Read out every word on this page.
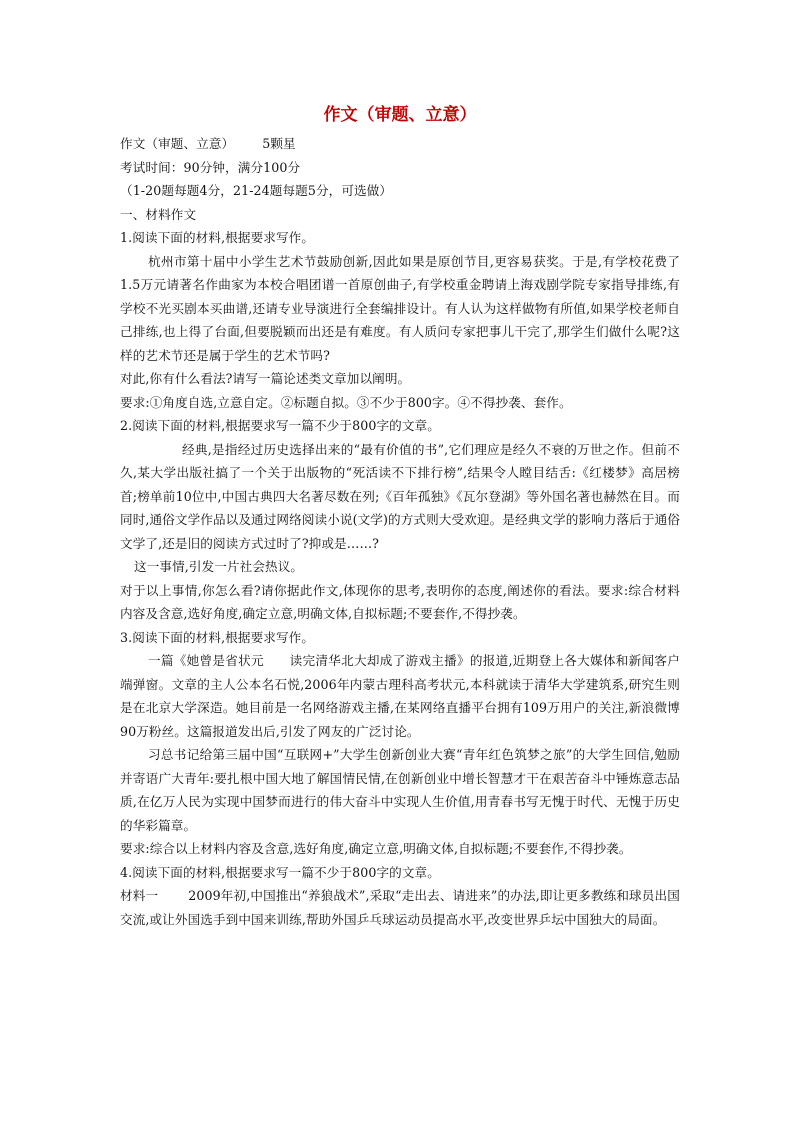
作文（审题、立意）

作文（审题、立意） 5颗星

考试时间：90分钟，满分100分

（1-20题每题4分，21-24题每题5分，可选做）

一、材料作文

1.阅读下面的材料,根据要求写作。

杭州市第十届中小学生艺术节鼓励创新,因此如果是原创节目,更容易获奖。于是,有学校花费了1.5万元请著名作曲家为本校合唱团谱一首原创曲子,有学校重金聘请上海戏剧学院专家指导排练,有学校不光买剧本买曲谱,还请专业导演进行全套编排设计。有人认为这样做物有所值,如果学校老师自己排练,也上得了台面,但要脱颖而出还是有难度。有人质问专家把事儿干完了,那学生们做什么呢?这样的艺术节还是属于学生的艺术节吗?

对此,你有什么看法?请写一篇论述类文章加以阐明。

要求:①角度自选,立意自定。②标题自拟。③不少于800字。④不得抄袭、套作。

2.阅读下面的材料,根据要求写一篇不少于800字的文章。

经典,是指经过历史选择出来的“最有价值的书”,它们理应是经久不衰的万世之作。但前不久,某大学出版社搞了一个关于出版物的“死活读不下排行榜”,结果令人瞠目结舌:《红楼梦》高居榜首;榜单前10位中,中国古典四大名著尽数在列;《百年孤独》《瓦尔登湖》等外国名著也赫然在目。而同时,通俗文学作品以及通过网络阅读小说(文学)的方式则大受欢迎。是经典文学的影响力落后于通俗文学了,还是旧的阅读方式过时了?抑或是……?

这一事情,引发一片社会热议。

对于以上事情,你怎么看?请你据此作文,体现你的思考,表明你的态度,阐述你的看法。要求:综合材料内容及含意,选好角度,确定立意,明确文体,自拟标题;不要套作,不得抄袭。

3.阅读下面的材料,根据要求写作。

一篇《她曾是省状元　　读完清华北大却成了游戏主播》的报道,近期登上各大媒体和新闻客户端弹窗。文章的主人公本名石悦,2006年内蒙古理科高考状元,本科就读于清华大学建筑系,研究生则是在北京大学深造。她目前是一名网络游戏主播,在某网络直播平台拥有109万用户的关注,新浪微博90万粉丝。这篇报道发出后,引发了网友的广泛讨论。

习总书记给第三届中国“互联网+”大学生创新创业大赛“青年红色筑梦之旅”的大学生回信,勉励并寄语广大青年:要扎根中国大地了解国情民情,在创新创业中增长智慧才干在艰苦奋斗中锤炼意志品质,在亿万人民为实现中国梦而进行的伟大奋斗中实现人生价值,用青春书写无愧于时代、无愧于历史的华彩篇章。

要求:综合以上材料内容及含意,选好角度,确定立意,明确文体,自拟标题;不要套作,不得抄袭。

4.阅读下面的材料,根据要求写一篇不少于800字的文章。

材料一 2009年初,中国推出“养狼战术”,采取“走出去、请进来”的办法,即让更多教练和球员出国交流,或让外国选手到中国来训练,帮助外国乒乓球运动员提高水平,改变世界乒坛中国独大的局面。
